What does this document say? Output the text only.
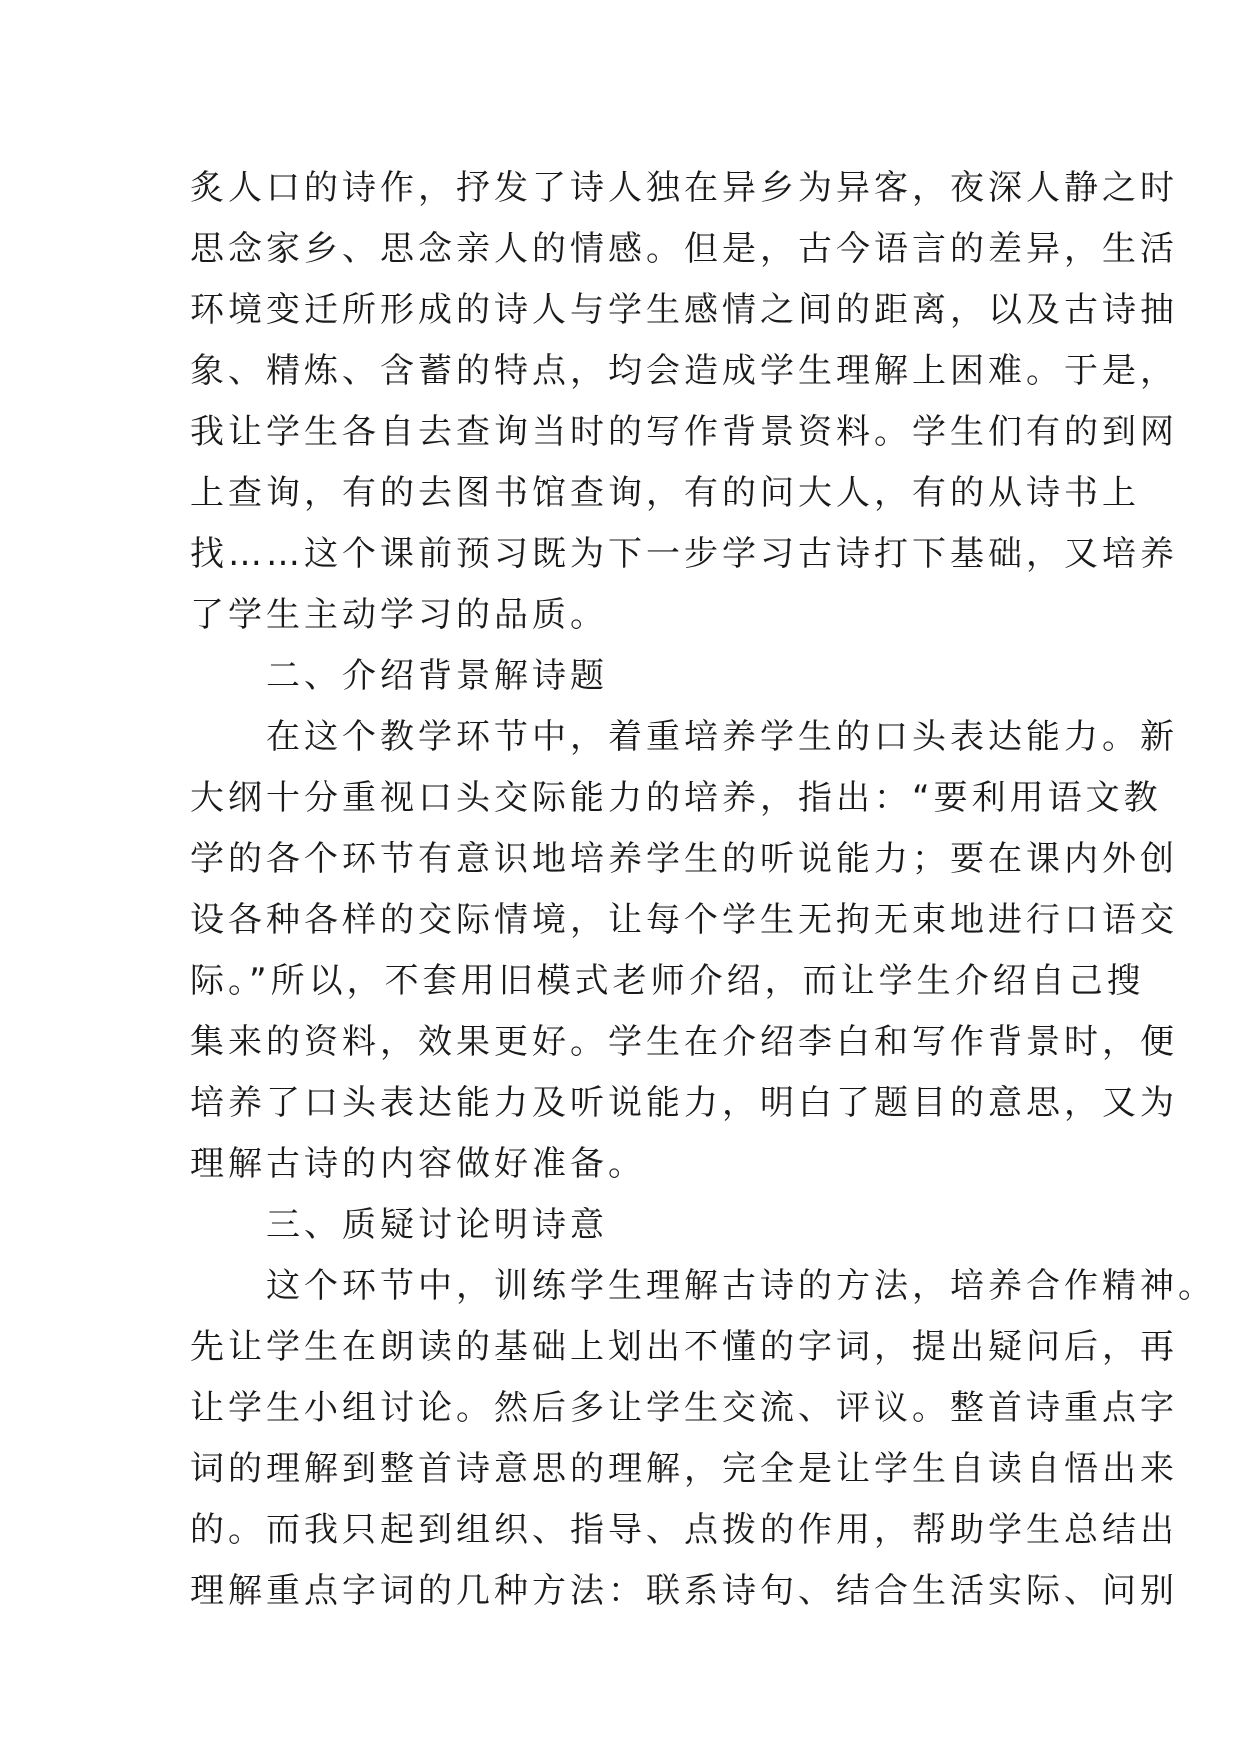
炙人口的诗作，抒发了诗人独在异乡为异客，夜深人静之时
思念家乡、思念亲人的情感。但是，古今语言的差异，生活
环境变迁所形成的诗人与学生感情之间的距离，以及古诗抽
象、精炼、含蓄的特点，均会造成学生理解上困难。于是，
我让学生各自去查询当时的写作背景资料。学生们有的到网
上查询，有的去图书馆查询，有的问大人，有的从诗书上
找……这个课前预习既为下一步学习古诗打下基础，又培养
了学生主动学习的品质。

二、介绍背景解诗题

在这个教学环节中，着重培养学生的口头表达能力。新
大纲十分重视口头交际能力的培养，指出：“要利用语文教
学的各个环节有意识地培养学生的听说能力；要在课内外创
设各种各样的交际情境，让每个学生无拘无束地进行口语交
际。”所以，不套用旧模式老师介绍，而让学生介绍自己搜
集来的资料，效果更好。学生在介绍李白和写作背景时，便
培养了口头表达能力及听说能力，明白了题目的意思，又为
理解古诗的内容做好准备。

三、质疑讨论明诗意

这个环节中，训练学生理解古诗的方法，培养合作精神。
先让学生在朗读的基础上划出不懂的字词，提出疑问后，再
让学生小组讨论。然后多让学生交流、评议。整首诗重点字
词的理解到整首诗意思的理解，完全是让学生自读自悟出来
的。而我只起到组织、指导、点拨的作用，帮助学生总结出
理解重点字词的几种方法：联系诗句、结合生活实际、问别
